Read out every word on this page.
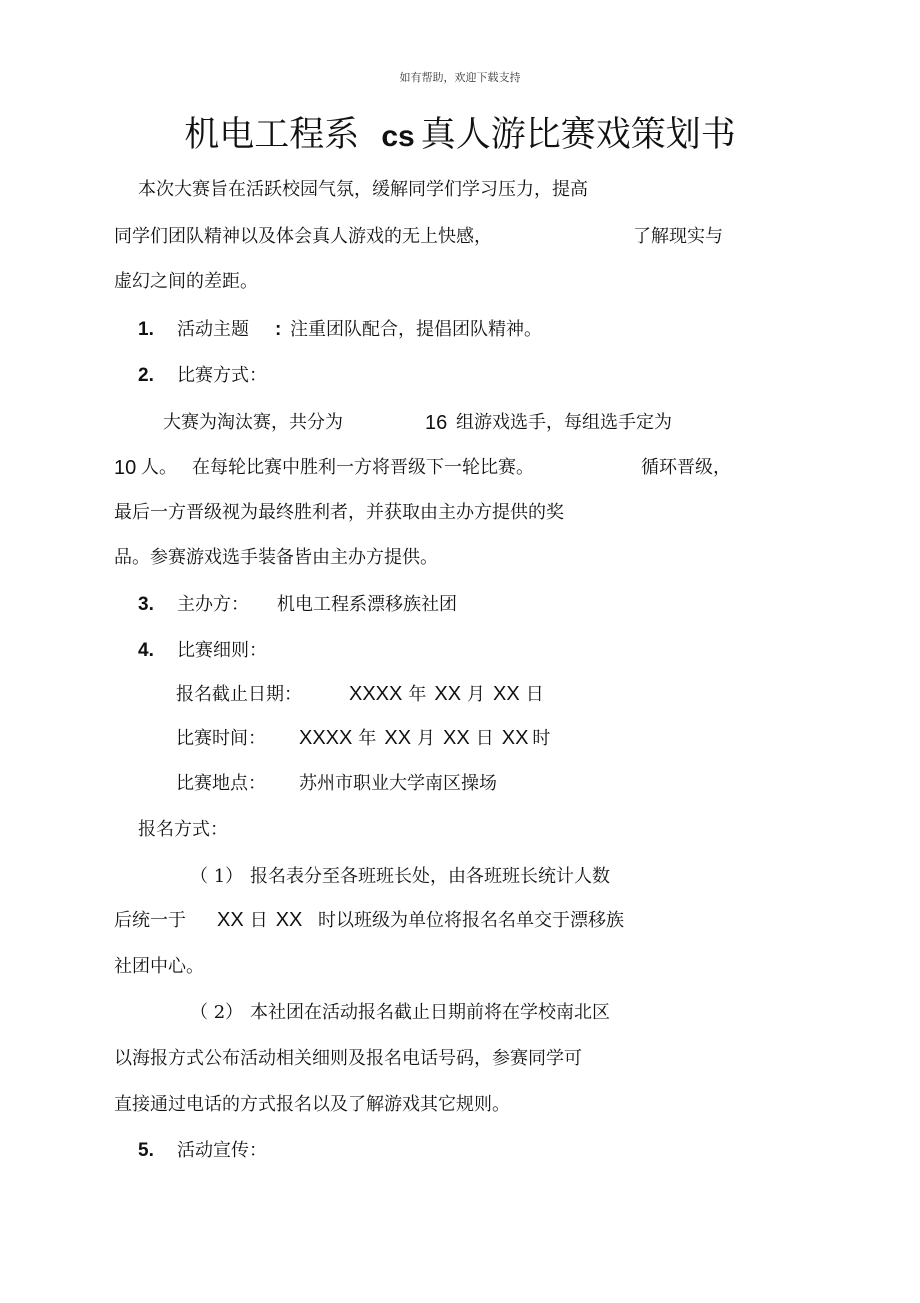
如有帮助，欢迎下载支持
机电工程系 cs 真人游比赛戏策划书
本次大赛旨在活跃校园气氛，缓解同学们学习压力，提高
同学们团队精神以及体会真人游戏的无上快感，	了解现实与
虚幻之间的差距。
1. 活动主题 : 注重团队配合，提倡团队精神。
2. 比赛方式：
大赛为淘汰赛，共分为	16 组游戏选手，每组选手定为
10 人。 在每轮比赛中胜利一方将晋级下一轮比赛。	循环晋级，
最后一方晋级视为最终胜利者，并获取由主办方提供的奖
品。参赛游戏选手装备皆由主办方提供。
3. 主办方： 机电工程系漂移族社团
4. 比赛细则：
报名截止日期： XXXX 年 XX 月 XX 日
比赛时间： XXXX 年 XX 月 XX 日 XX 时
比赛地点： 苏州市职业大学南区操场
报名方式：
（ 1） 报名表分至各班班长处，由各班班长统计人数
后统一于 XX 日 XX 时以班级为单位将报名名单交于漂移族
社团中心。
（ 2） 本社团在活动报名截止日期前将在学校南北区
以海报方式公布活动相关细则及报名电话号码，参赛同学可
直接通过电话的方式报名以及了解游戏其它规则。
5. 活动宣传：
